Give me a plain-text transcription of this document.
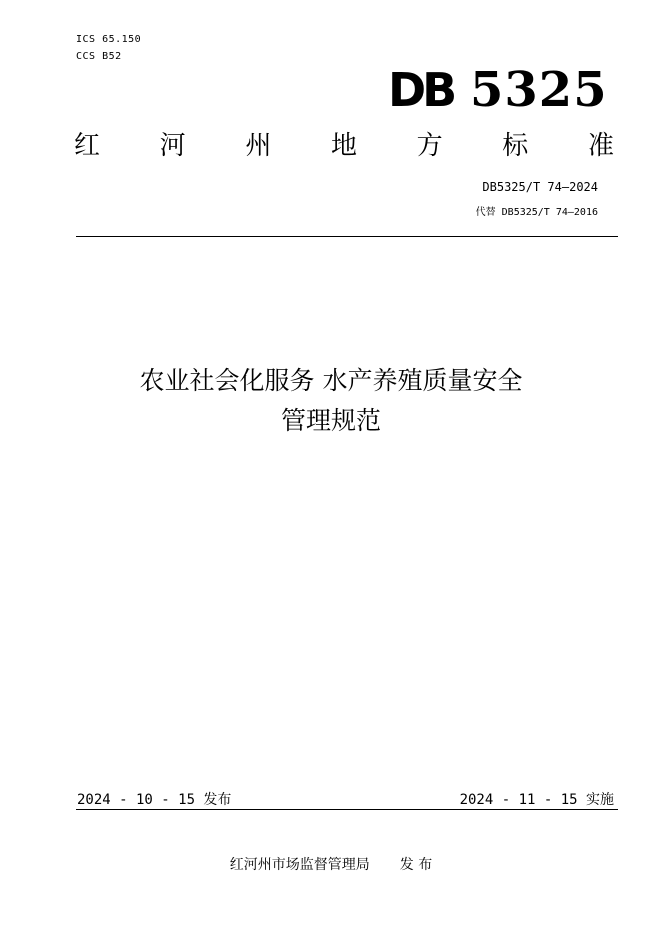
ICS 65.150
CCS B52
DB 5325
红 河 州 地 方 标 准
DB5325/T 74—2024
代替 DB5325/T 74—2016
农业社会化服务 水产养殖质量安全
管理规范
2024 - 10 - 15 发布	2024 - 11 - 15 实施
红河州市场监督管理局 发 布
